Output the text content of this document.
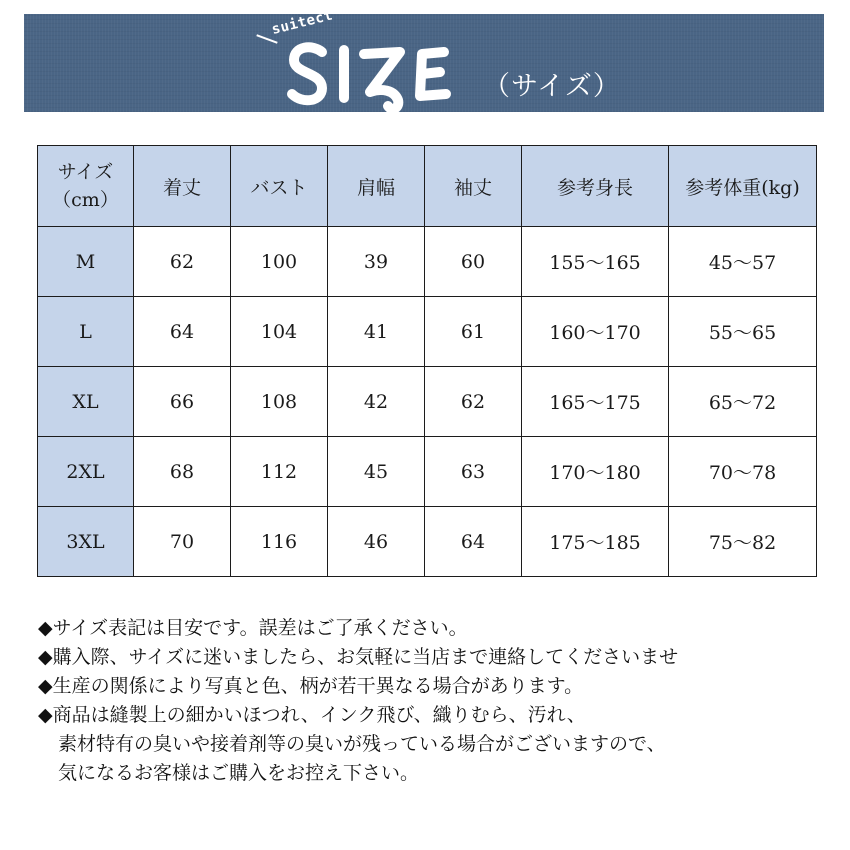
suitect
（サイズ）
サイズ
（cm）	着丈	バスト	肩幅	袖丈	参考身長	参考体重(kg)
M	62	100	39	60	155〜165	45〜57
L	64	104	41	61	160〜170	55〜65
XL	66	108	42	62	165〜175	65〜72
2XL	68	112	45	63	170〜180	70〜78
3XL	70	116	46	64	175〜185	75〜82
◆サイズ表記は目安です。誤差はご了承ください。
◆購入際、サイズに迷いましたら、お気軽に当店まで連絡してくださいませ
◆生産の関係により写真と色、柄が若干異なる場合があります。
◆商品は縫製上の細かいほつれ、インク飛び、織りむら、汚れ、
素材特有の臭いや接着剤等の臭いが残っている場合がございますので、
気になるお客様はご購入をお控え下さい。
